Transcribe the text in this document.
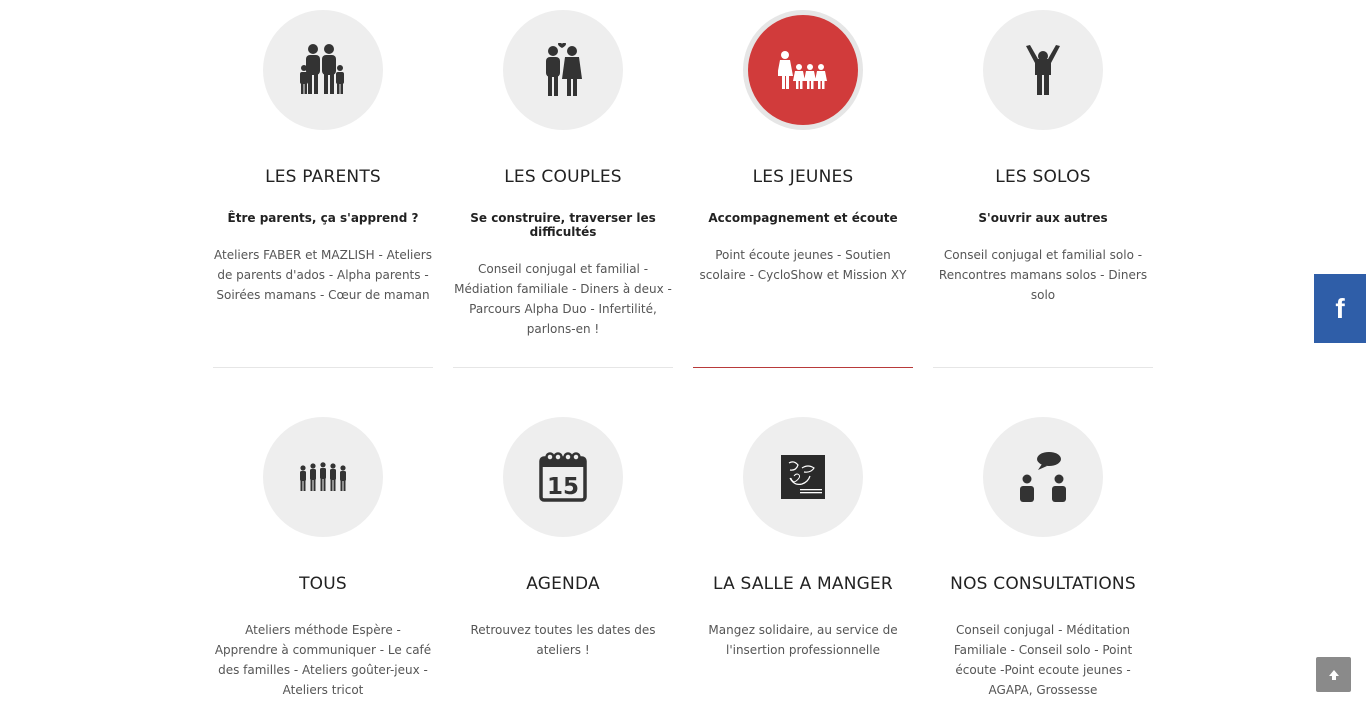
LES PARENTS
Être parents, ça s'apprend ?
Ateliers FABER et MAZLISH - Ateliers de parents d'ados - Alpha parents - Soirées mamans - Cœur de maman
LES COUPLES
Se construire, traverser les difficultés
Conseil conjugal et familial - Médiation familiale - Diners à deux - Parcours Alpha Duo - Infertilité, parlons-en !
LES JEUNES
Accompagnement et écoute
Point écoute jeunes - Soutien scolaire - CycloShow et Mission XY
LES SOLOS
S'ouvrir aux autres
Conseil conjugal et familial solo - Rencontres mamans solos - Diners solo
TOUS
Ateliers méthode Espère - Apprendre à communiquer - Le café des familles - Ateliers goûter-jeux - Ateliers tricot
15
AGENDA
Retrouvez toutes les dates des ateliers !
LA SALLE A MANGER
Mangez solidaire, au service de l'insertion professionnelle
NOS CONSULTATIONS
Conseil conjugal - Méditation Familiale - Conseil solo - Point écoute -Point ecoute jeunes - AGAPA, Grossesse
f
